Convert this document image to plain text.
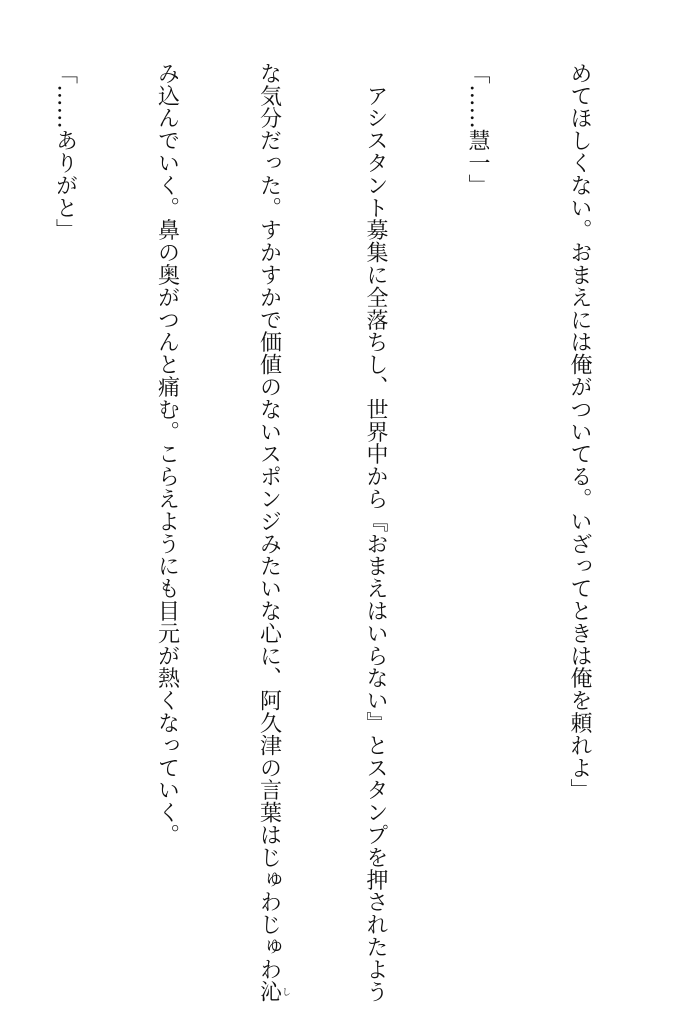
めてほしくない。おまえには俺がついてる。いざってときは俺を頼れよ」

「……慧一」

　アシスタント募集に全落ちし、世界中から『おまえはいらない』とスタンプを押されたよう

な気分だった。すかすかで価値のないスポンジみたいな心に、阿久津の言葉はじゅわじゅわ沁し

み込んでいく。鼻の奥がつんと痛む。こらえようにも目元が熱くなっていく。

「……ありがと」
